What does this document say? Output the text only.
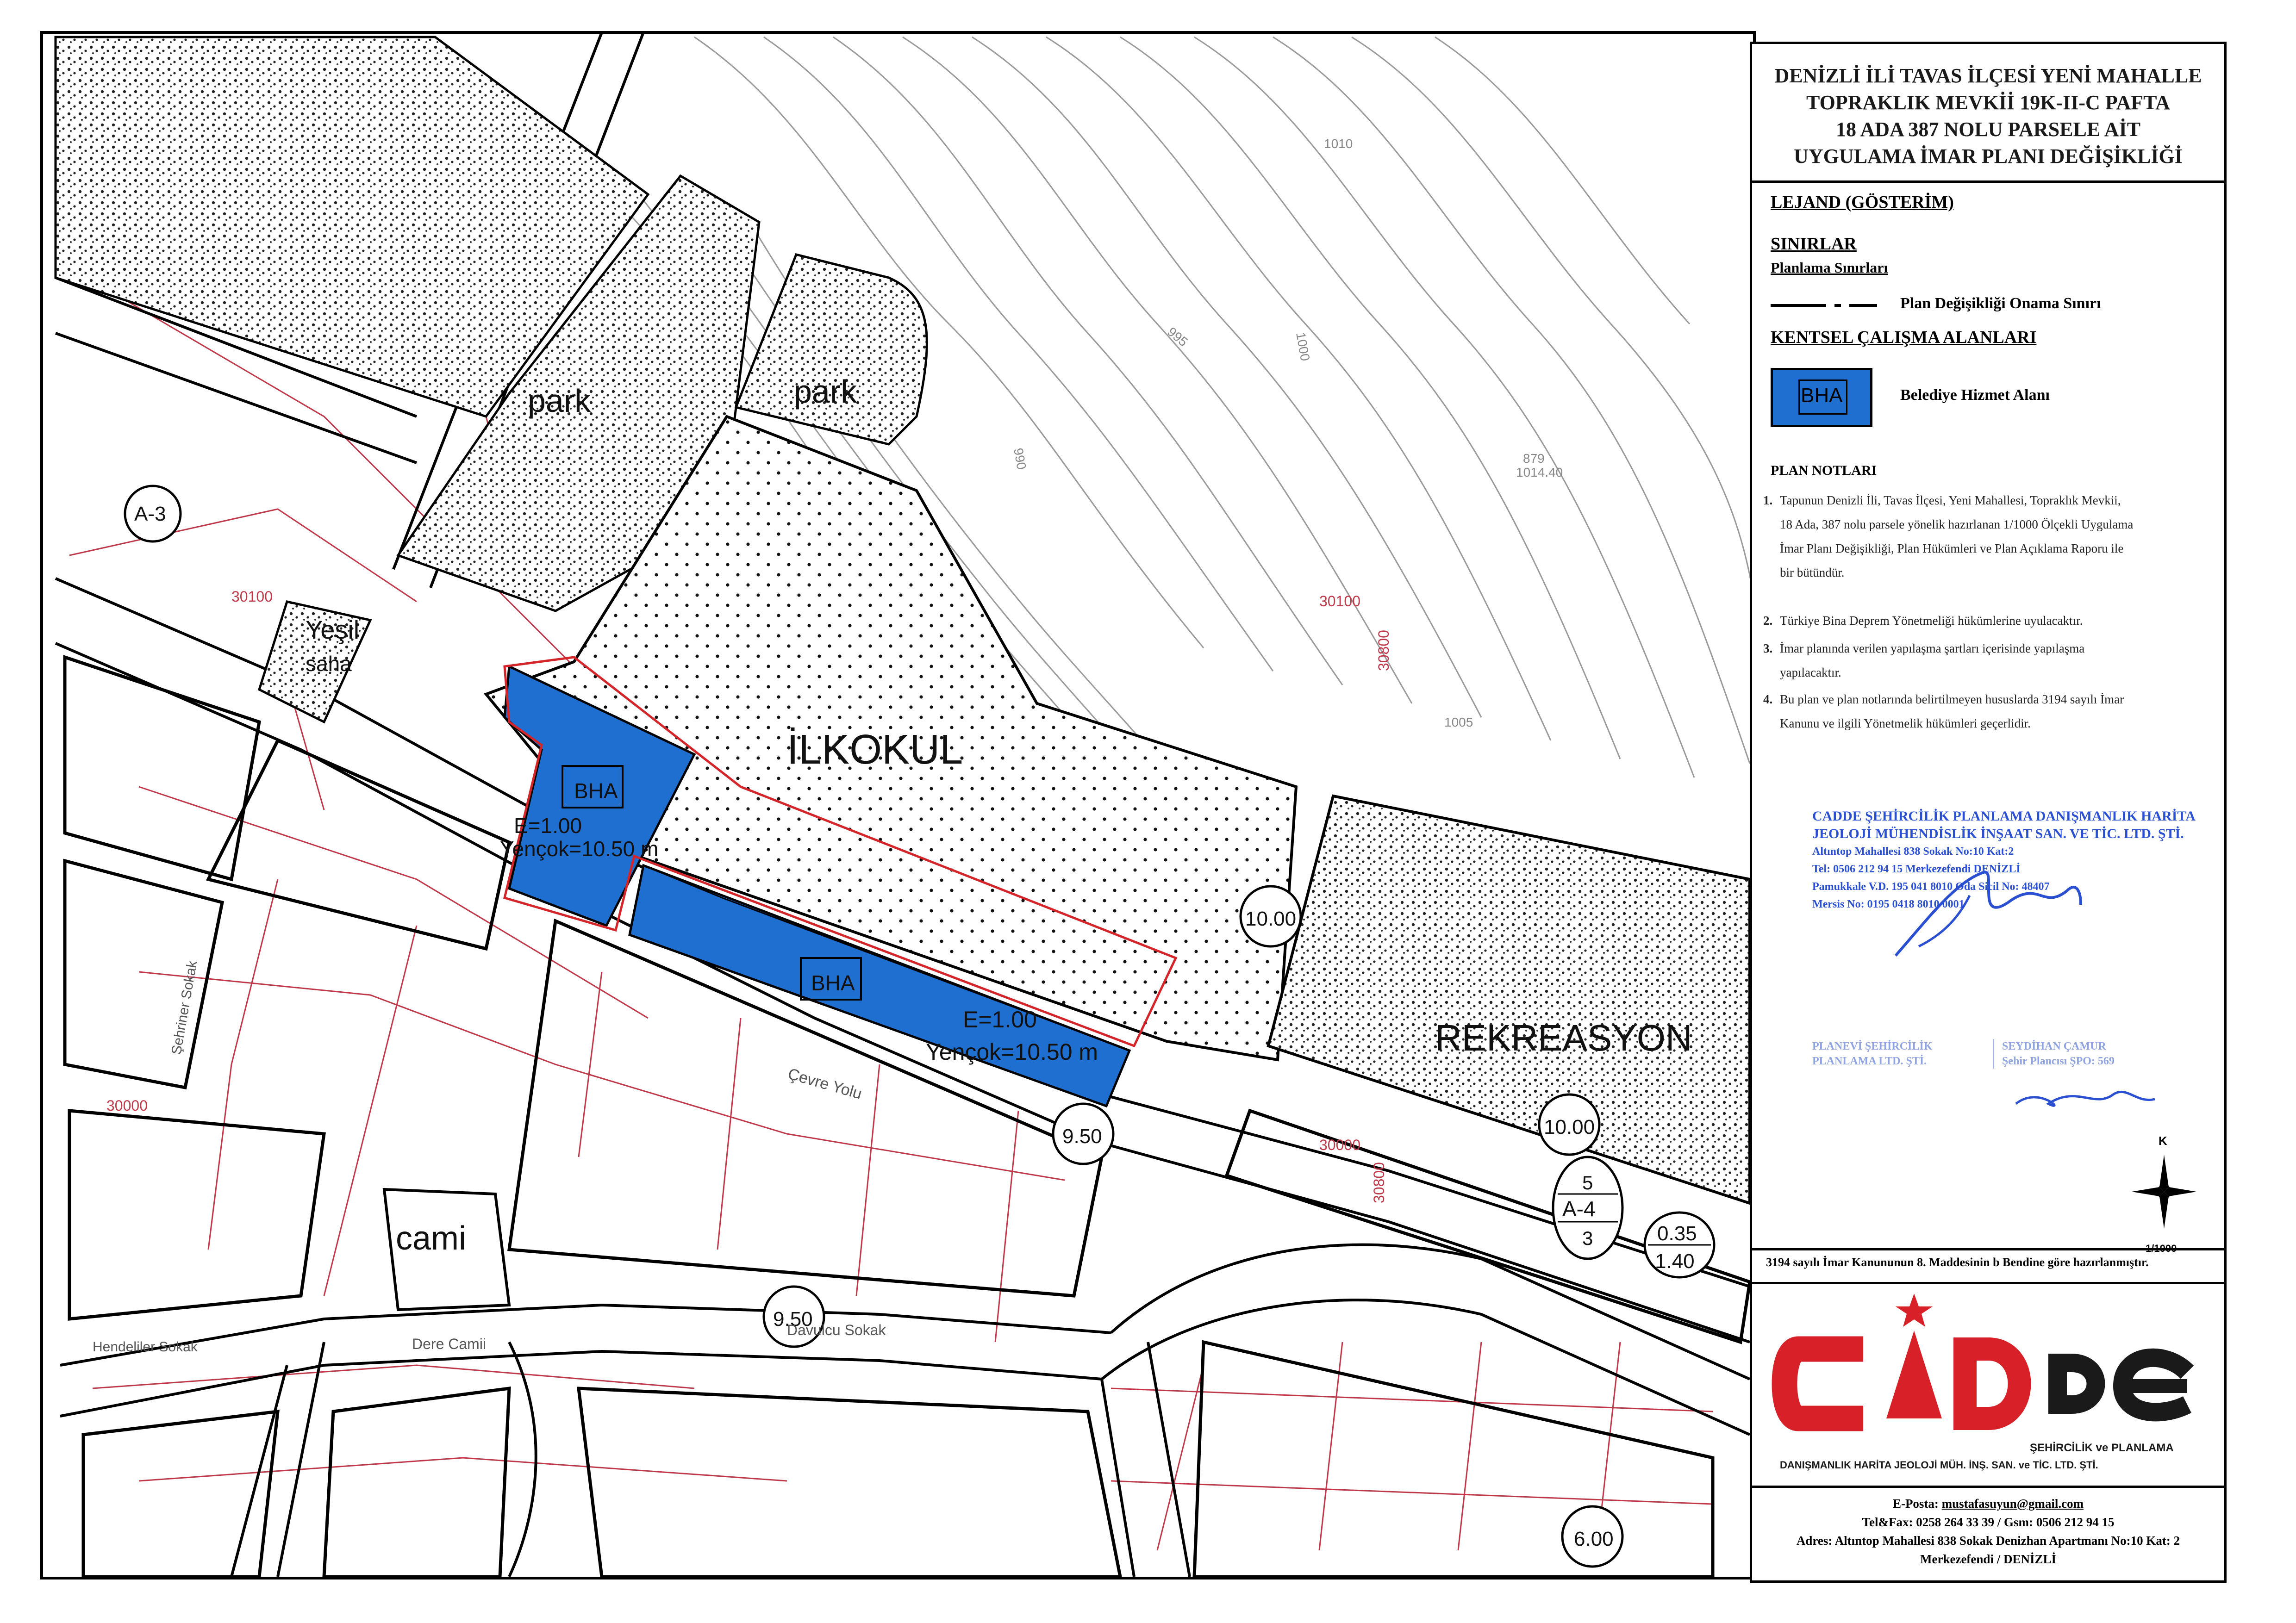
park	park
Yeşil
saha
İLKOKUL
REKREASYON
cami
BHA
BHA
E=1.00
Yençok=10.50 m
E=1.00
Yençok=10.50 m
A-3
5
A-4
3	0.35
1.40
10.00
10.00
9.50
9.50
6.00
Çevre Yolu
Dere Camii
Davulcu Sokak
Hendeliler Sokak
Şehriner Sokak
30100	30100
30000
30000
30800
30800
1010
1000
995
1005
990	879
1014.40
DENİZLİ İLİ TAVAS İLÇESİ YENİ MAHALLE
TOPRAKLIK MEVKİİ 19K-II-C PAFTA
18 ADA 387 NOLU PARSELE AİT
UYGULAMA İMAR PLANI DEĞİŞİKLİĞİ

LEJAND (GÖSTERİM)

SINIRLAR

Planlama Sınırları

Plan Değişikliği Onama Sınırı

KENTSEL ÇALIŞMA ALANLARI

BHA	Belediye Hizmet Alanı
PLAN NOTLARI
1. Tapunun Denizli İli, Tavas İlçesi, Yeni Mahallesi, Topraklık Mevkii,
18 Ada, 387 nolu parsele yönelik hazırlanan 1/1000 Ölçekli Uygulama
İmar Planı Değişikliği, Plan Hükümleri ve Plan Açıklama Raporu ile
bir bütündür.
2. Türkiye Bina Deprem Yönetmeliği hükümlerine uyulacaktır.
3. İmar planında verilen yapılaşma şartları içerisinde yapılaşma
yapılacaktır.
4. Bu plan ve plan notlarında belirtilmeyen hususlarda 3194 sayılı İmar
Kanunu ve ilgili Yönetmelik hükümleri geçerlidir.
CADDE ŞEHİRCİLİK PLANLAMA DANIŞMANLIK HARİTA
JEOLOJİ MÜHENDİSLİK İNŞAAT SAN. VE TİC. LTD. ŞTİ.
Altıntop Mahallesi 838 Sokak No:10 Kat:2
Tel: 0506 212 94 15 Merkezefendi DENİZLİ
Pamukkale V.D. 195 041 8010 Oda Sicil No: 48407
Mersis No: 0195 0418 8010 0001
PLANEVİ ŞEHİRCİLİK
PLANLAMA LTD. ŞTİ.
SEYDİHAN ÇAMUR
Şehir Plancısı ŞPO: 569
K
1/1000
3194 sayılı İmar Kanununun 8. Maddesinin b Bendine göre hazırlanmıştır.
ŞEHİRCİLİK ve PLANLAMA
DANIŞMANLIK HARİTA JEOLOJİ MÜH. İNŞ. SAN. ve TİC. LTD. ŞTİ.
E-Posta: mustafasuyun@gmail.com
Tel&Fax: 0258 264 33 39 / Gsm: 0506 212 94 15
Adres: Altıntop Mahallesi 838 Sokak Denizhan Apartmanı No:10 Kat: 2
Merkezefendi / DENİZLİ
